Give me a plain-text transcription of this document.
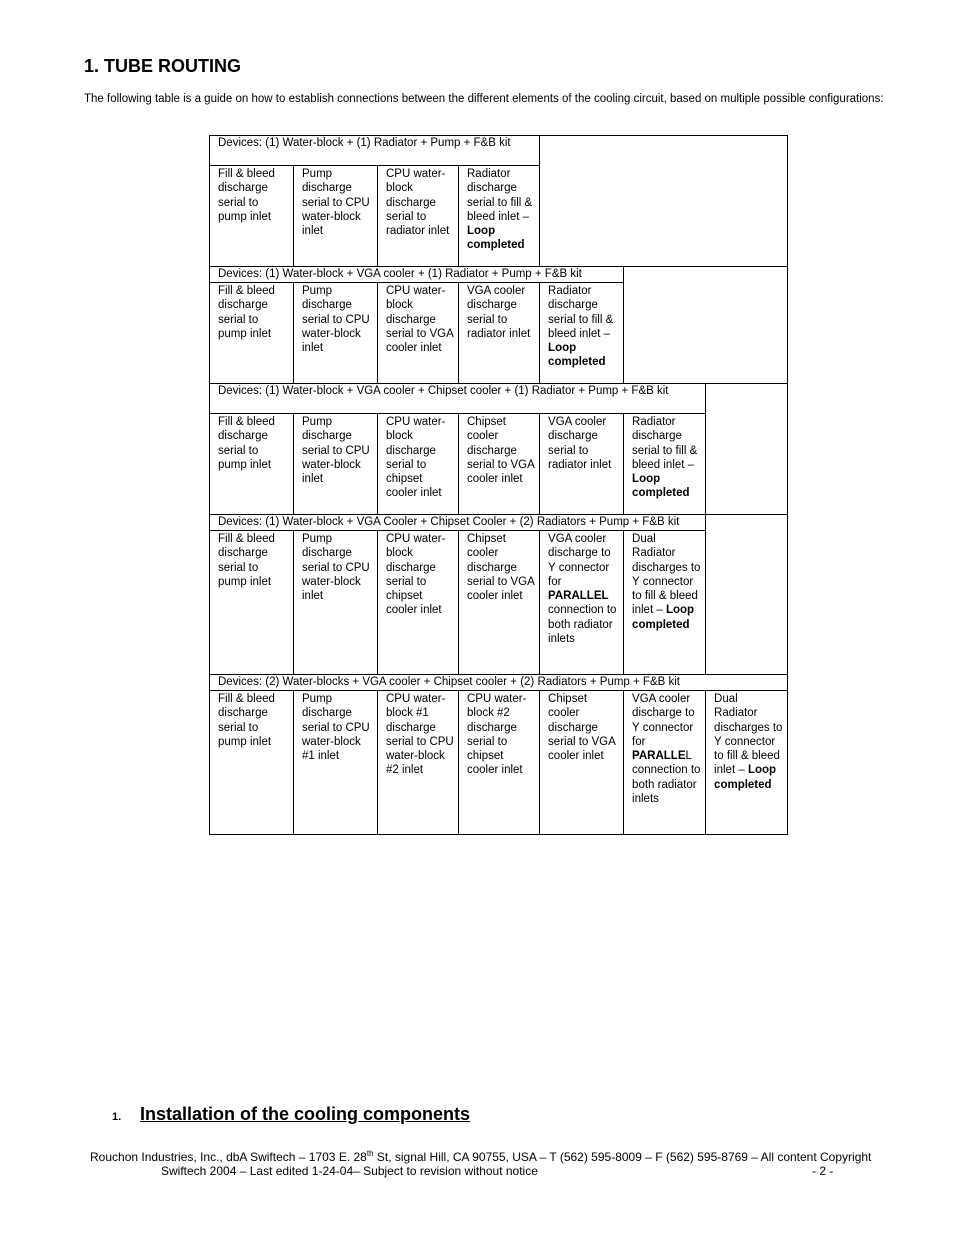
1. TUBE ROUTING

The following table is a guide on how to establish connections between the different elements of the cooling circuit, based on multiple possible configurations:

Devices: (1) Water-block + (1) Radiator + Pump + F&B kit						
Fill & bleed discharge serial to pump inlet	Pump discharge serial to CPU water-block inlet	CPU water-block discharge serial to radiator inlet	Radiator discharge serial to fill & bleed inlet – Loop completed			
Devices: (1) Water-block + VGA cooler + (1) Radiator + Pump + F&B kit						
Fill & bleed discharge serial to pump inlet	Pump discharge serial to CPU water-block inlet	CPU water-block discharge serial to VGA cooler inlet	VGA cooler discharge serial to radiator inlet	Radiator discharge serial to fill & bleed inlet – Loop completed		
Devices: (1) Water-block + VGA cooler + Chipset cooler + (1) Radiator + Pump + F&B kit						
Fill & bleed discharge serial to pump inlet	Pump discharge serial to CPU water-block inlet	CPU water-block discharge serial to chipset cooler inlet	Chipset cooler discharge serial to VGA cooler inlet	VGA cooler discharge serial to radiator inlet	Radiator discharge serial to fill & bleed inlet – Loop completed	
Devices: (1) Water-block + VGA Cooler + Chipset Cooler + (2) Radiators + Pump + F&B kit						
Fill & bleed discharge serial to pump inlet	Pump discharge serial to CPU water-block inlet	CPU water-block discharge serial to chipset cooler inlet	Chipset cooler discharge serial to VGA cooler inlet	VGA cooler discharge to Y connector for PARALLEL connection to both radiator inlets	Dual Radiator discharges to Y connector to fill & bleed inlet – Loop completed	
Devices: (2) Water-blocks + VGA cooler + Chipset cooler + (2) Radiators + Pump + F&B kit						
Fill & bleed discharge serial to pump inlet	Pump discharge serial to CPU water-block #1 inlet	CPU water-block #1 discharge serial to CPU water-block #2 inlet	CPU water-block #2 discharge serial to chipset cooler inlet	Chipset cooler discharge serial to VGA cooler inlet	VGA cooler discharge to Y connector for PARALLEL connection to both radiator inlets	Dual Radiator discharges to Y connector to fill & bleed inlet – Loop completed
1.	Installation of the cooling components
Rouchon Industries, Inc., dbA Swiftech – 1703 E. 28th St, signal Hill, CA 90755, USA – T (562) 595-8009 – F (562) 595-8769 – All content Copyright
Swiftech 2004 – Last edited 1-24-04– Subject to revision without notice	- 2 -
